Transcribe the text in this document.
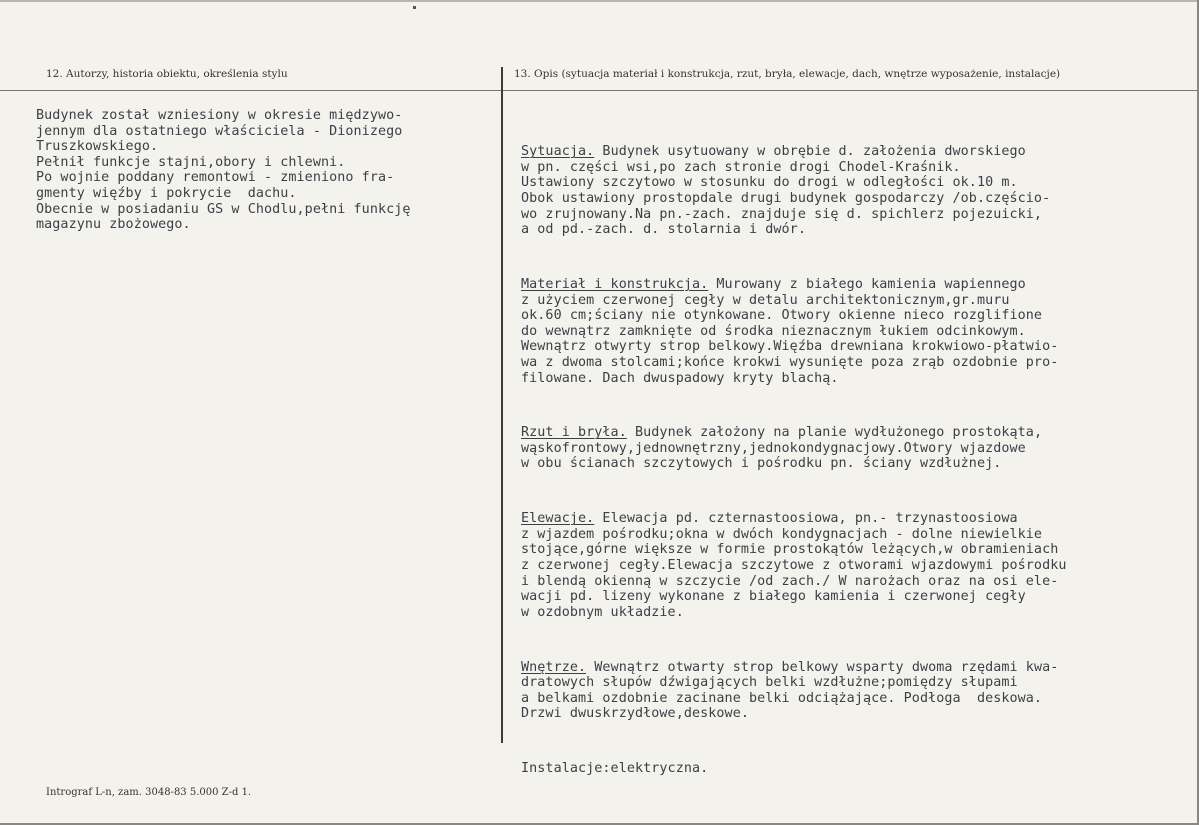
12. Autorzy, historia obiektu, określenia stylu	13. Opis (sytuacja materiał i konstrukcja, rzut, bryła, elewacje, dach, wnętrze wyposażenie, instalacje)
Budynek został wzniesiony w okresie międzywo-
jennym dla ostatniego właściciela - Dionizego
Truszkowskiego.
Pełnił funkcje stajni,obory i chlewni.
Po wojnie poddany remontowi - zmieniono fra-
gmenty więźby i pokrycie  dachu.
Obecnie w posiadaniu GS w Chodlu,pełni funkcję
magazynu zbożowego.

Sytuacja. Budynek usytuowany w obrębie d. założenia dworskiego
w pn. części wsi,po zach stronie drogi Chodel-Kraśnik.
Ustawiony szczytowo w stosunku do drogi w odległości ok.10 m.
Obok ustawiony prostopdale drugi budynek gospodarczy /ob.częścio-
wo zrujnowany.Na pn.-zach. znajduje się d. spichlerz pojezuicki,
a od pd.-zach. d. stolarnia i dwór.

Materiał i konstrukcja. Murowany z białego kamienia wapiennego
z użyciem czerwonej cegły w detalu architektonicznym,gr.muru
ok.60 cm;ściany nie otynkowane. Otwory okienne nieco rozglifione
do wewnątrz zamknięte od środka nieznacznym łukiem odcinkowym.
Wewnątrz otwyrty strop belkowy.Więźba drewniana krokwiowo-płatwio-
wa z dwoma stolcami;końce krokwi wysunięte poza zrąb ozdobnie pro-
filowane. Dach dwuspadowy kryty blachą.

Rzut i bryła. Budynek założony na planie wydłużonego prostokąta,
wąskofrontowy,jednownętrzny,jednokondygnacjowy.Otwory wjazdowe
w obu ścianach szczytowych i pośrodku pn. ściany wzdłużnej.

Elewacje. Elewacja pd. czternastoosiowa, pn.- trzynastoosiowa
z wjazdem pośrodku;okna w dwóch kondygnacjach - dolne niewielkie
stojące,górne większe w formie prostokątów leżących,w obramieniach
z czerwonej cegły.Elewacja szczytowe z otworami wjazdowymi pośrodku
i blendą okienną w szczycie /od zach./ W narożach oraz na osi ele-
wacji pd. lizeny wykonane z białego kamienia i czerwonej cegły
w ozdobnym układzie.

Wnętrze. Wewnątrz otwarty strop belkowy wsparty dwoma rzędami kwa-
dratowych słupów dźwigających belki wzdłużne;pomiędzy słupami
a belkami ozdobnie zacinane belki odciążające. Podłoga  deskowa.
Drzwi dwuskrzydłowe,deskowe.

Instalacje:elektryczna.

Intrograf L-n, zam. 3048-83 5.000 Z-d 1.
